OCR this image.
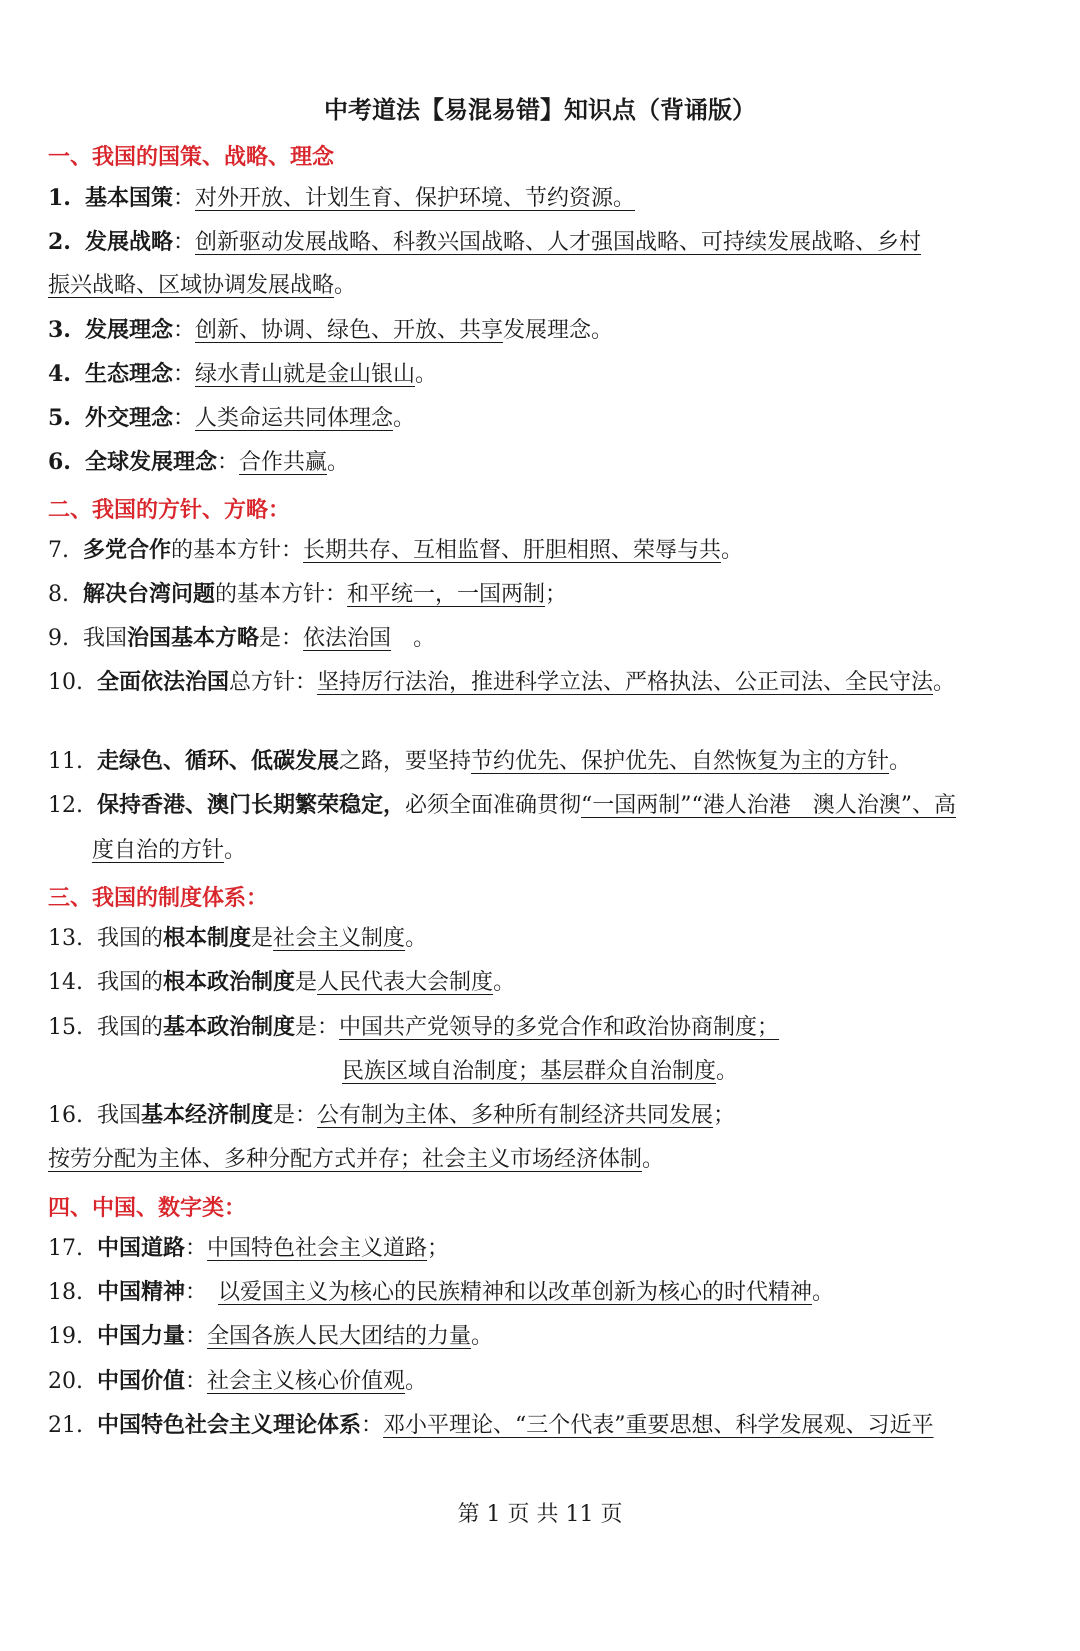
中考道法【易混易错】知识点（背诵版）
一、我国的国策、战略、理念
1. 基本国策：对外开放、计划生育、保护环境、节约资源。
2. 发展战略：创新驱动发展战略、科教兴国战略、人才强国战略、可持续发展战略、乡村
振兴战略、区域协调发展战略。
3. 发展理念：创新、协调、绿色、开放、共享发展理念。
4. 生态理念：绿水青山就是金山银山。
5. 外交理念：人类命运共同体理念。
6. 全球发展理念：合作共赢。
二、我国的方针、方略：
7. 多党合作的基本方针：长期共存、互相监督、肝胆相照、荣辱与共。
8. 解决台湾问题的基本方针：和平统一，一国两制；
9. 我国治国基本方略是：依法治国　。
10. 全面依法治国总方针：坚持厉行法治，推进科学立法、严格执法、公正司法、全民守法。
11. 走绿色、循环、低碳发展之路，要坚持节约优先、保护优先、自然恢复为主的方针。
12. 保持香港、澳门长期繁荣稳定，必须全面准确贯彻“一国两制”“港人治港　澳人治澳”、高
度自治的方针。
三、我国的制度体系：
13. 我国的根本制度是社会主义制度。
14. 我国的根本政治制度是人民代表大会制度。
15. 我国的基本政治制度是：中国共产党领导的多党合作和政治协商制度；
民族区域自治制度；基层群众自治制度。
16. 我国基本经济制度是：公有制为主体、多种所有制经济共同发展；
按劳分配为主体、多种分配方式并存；社会主义市场经济体制。
四、中国、数字类：
17. 中国道路：中国特色社会主义道路；
18. 中国精神：　以爱国主义为核心的民族精神和以改革创新为核心的时代精神。
19. 中国力量：全国各族人民大团结的力量。
20. 中国价值：社会主义核心价值观。
21. 中国特色社会主义理论体系：邓小平理论、“三个代表”重要思想、科学发展观、习近平
第 1 页 共 11 页
